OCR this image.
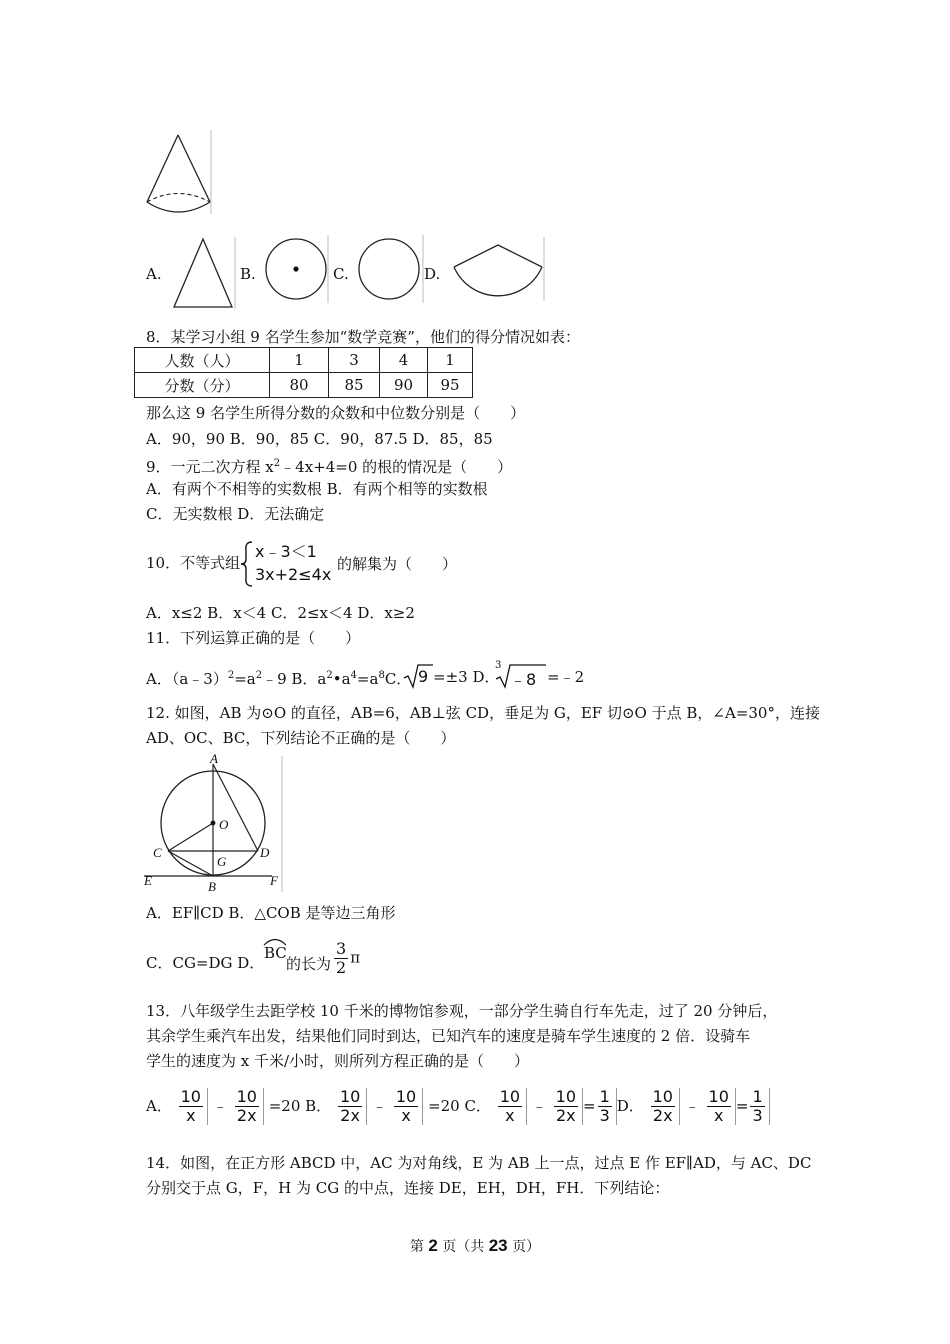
A.	B.	C.	D.
8．某学习小组 9 名学生参加“数学竞赛”，他们的得分情况如表：
人数（人）	1	3	4	1
分数（分）	80	85	90	95
那么这 9 名学生所得分数的众数和中位数分别是（　　）
A．90，90 B．90，85 C．90，87.5 D．85，85
9．一元二次方程 $x^2﹣4x+4=0$ 的根的情况是（　　）
A．有两个不相等的实数根 B．有两个相等的实数根
C．无实数根 D．无法确定
10．不等式组
x﹣3＜1
3x+2≤4x
的解集为（　　）
A．x≤2 B．x＜4 C．2≤x＜4 D．x≥2
11．下列运算正确的是（　　）
A．$(a﹣3)^2=a^2﹣9$ B．$a^2•a^4=a^8C$． 9 =±3 D．
3
﹣8 =﹣2
12. 如图，AB 为⊙O 的直径，AB=6，AB⊥弦 CD，垂足为 G，EF 切⊙O 于点 B，∠A=30°，连接
AD、OC、BC，下列结论不正确的是（　　）
A
O
C	D
G
E	B	F
A．EF∥CD B．△COB 是等边三角形
C．CG=DG D．
BC
的长为 $\frac{3}{2}$ π
13．八年级学生去距学校 10 千米的博物馆参观，一部分学生骑自行车先走，过了 20 分钟后，
其余学生乘汽车出发，结果他们同时到达，已知汽车的速度是骑车学生速度的 2 倍．设骑车
学生的速度为 x 千米/小时，则所列方程正确的是（　　）
A． $\frac{10}{x}$ ﹣ $\frac{10}{2x} =20$ B． $\frac{10}{2x}$ ﹣ $\frac{10}{x} =20$ C． $\frac{10}{x}$ ﹣ $\frac{10}{2x} = \frac{1}{3}$ D． $\frac{10}{2x}$ ﹣ $\frac{10}{x} = \frac{1}{3}$
14．如图，在正方形 ABCD 中，AC 为对角线，E 为 AB 上一点，过点 E 作 EF∥AD，与 AC、DC
分别交于点 G，F，H 为 CG 的中点，连接 DE，EH，DH，FH．下列结论：
第 2 页（共 23 页）
